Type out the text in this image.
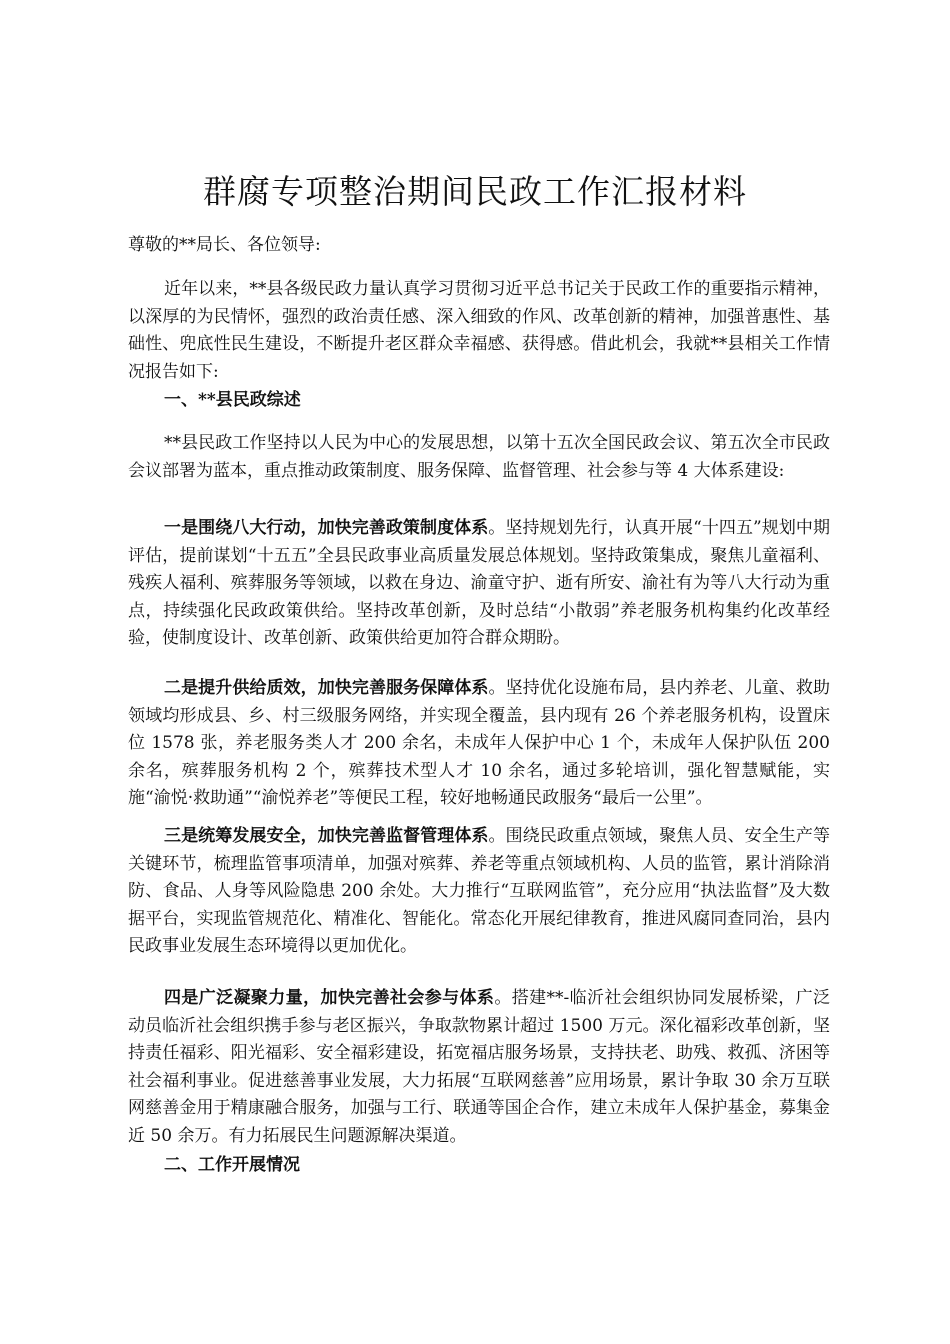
群腐专项整治期间民政工作汇报材料

尊敬的**局长、各位领导:

近年以来，**县各级民政力量认真学习贯彻习近平总书记关于民政工作的重要指示精神，以深厚的为民情怀，强烈的政治责任感、深入细致的作风、改革创新的精神，加强普惠性、基础性、兜底性民生建设，不断提升老区群众幸福感、获得感。借此机会，我就**县相关工作情况报告如下:

一、**县民政综述

**县民政工作坚持以人民为中心的发展思想，以第十五次全国民政会议、第五次全市民政会议部署为蓝本，重点推动政策制度、服务保障、监督管理、社会参与等 4 大体系建设:

一是围绕八大行动，加快完善政策制度体系。坚持规划先行，认真开展“十四五”规划中期评估，提前谋划“十五五”全县民政事业高质量发展总体规划。坚持政策集成，聚焦儿童福利、残疾人福利、殡葬服务等领域，以救在身边、渝童守护、逝有所安、渝社有为等八大行动为重点，持续强化民政政策供给。坚持改革创新，及时总结“小散弱”养老服务机构集约化改革经验，使制度设计、改革创新、政策供给更加符合群众期盼。

二是提升供给质效，加快完善服务保障体系。坚持优化设施布局，县内养老、儿童、救助领域均形成县、乡、村三级服务网络，并实现全覆盖，县内现有 26 个养老服务机构，设置床位 1578 张，养老服务类人才 200 余名，未成年人保护中心 1 个，未成年人保护队伍 200 余名，殡葬服务机构 2 个，殡葬技术型人才 10 余名，通过多轮培训，强化智慧赋能，实施“渝悦·救助通”“渝悦养老”等便民工程，较好地畅通民政服务“最后一公里”。

三是统筹发展安全，加快完善监督管理体系。围绕民政重点领域，聚焦人员、安全生产等关键环节，梳理监管事项清单，加强对殡葬、养老等重点领域机构、人员的监管，累计消除消防、食品、人身等风险隐患 200 余处。大力推行“互联网监管”，充分应用“执法监督”及大数据平台，实现监管规范化、精准化、智能化。常态化开展纪律教育，推进风腐同查同治，县内民政事业发展生态环境得以更加优化。

四是广泛凝聚力量，加快完善社会参与体系。搭建**-临沂社会组织协同发展桥梁，广泛动员临沂社会组织携手参与老区振兴，争取款物累计超过 1500 万元。深化福彩改革创新，坚持责任福彩、阳光福彩、安全福彩建设，拓宽福店服务场景，支持扶老、助残、救孤、济困等社会福利事业。促进慈善事业发展，大力拓展“互联网慈善”应用场景，累计争取 30 余万互联网慈善金用于精康融合服务，加强与工行、联通等国企合作，建立未成年人保护基金，募集金近 50 余万。有力拓展民生问题源解决渠道。

二、工作开展情况
